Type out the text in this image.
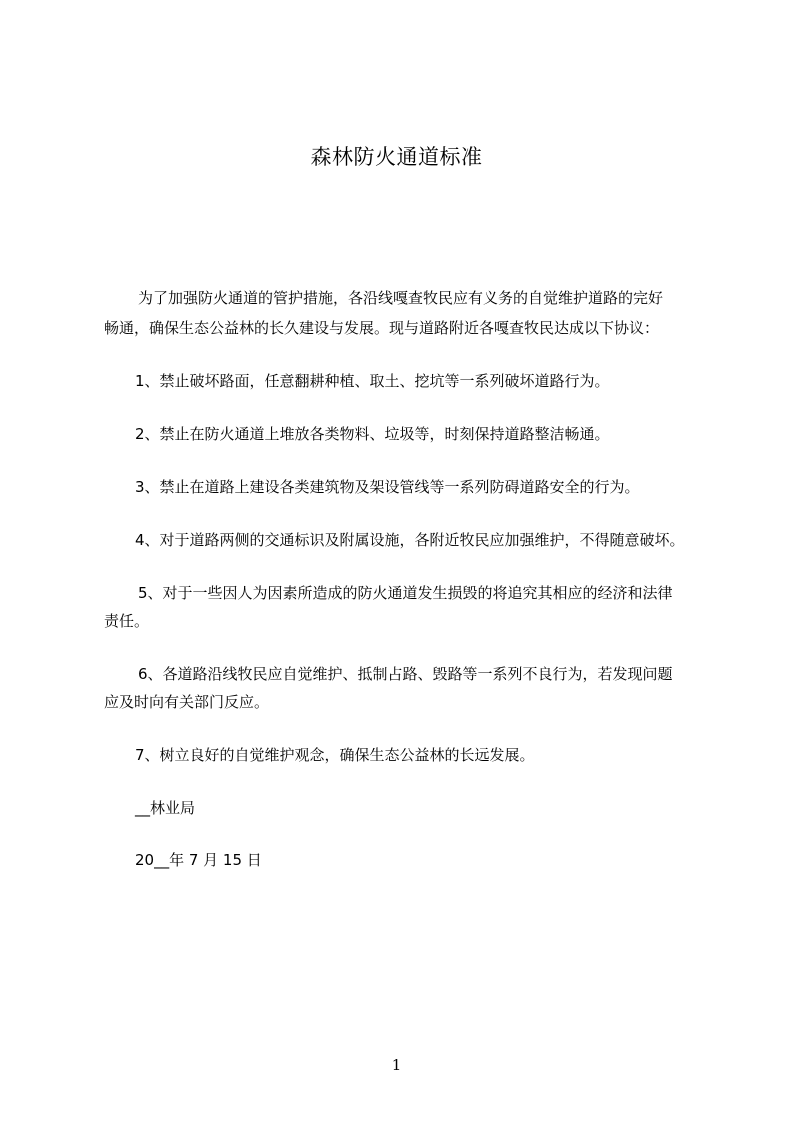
森林防火通道标准
为了加强防火通道的管护措施，各沿线嘎查牧民应有义务的自觉维护道路的完好
畅通，确保生态公益林的长久建设与发展。现与道路附近各嘎查牧民达成以下协议：
1、禁止破坏路面，任意翻耕种植、取土、挖坑等一系列破坏道路行为。
2、禁止在防火通道上堆放各类物料、垃圾等，时刻保持道路整洁畅通。
3、禁止在道路上建设各类建筑物及架设管线等一系列防碍道路安全的行为。
4、对于道路两侧的交通标识及附属设施，各附近牧民应加强维护，不得随意破坏。
5、对于一些因人为因素所造成的防火通道发生损毁的将追究其相应的经济和法律
责任。
6、各道路沿线牧民应自觉维护、抵制占路、毁路等一系列不良行为，若发现问题
应及时向有关部门反应。
7、树立良好的自觉维护观念，确保生态公益林的长远发展。
__林业局
20__年 7 月 15 日
1
